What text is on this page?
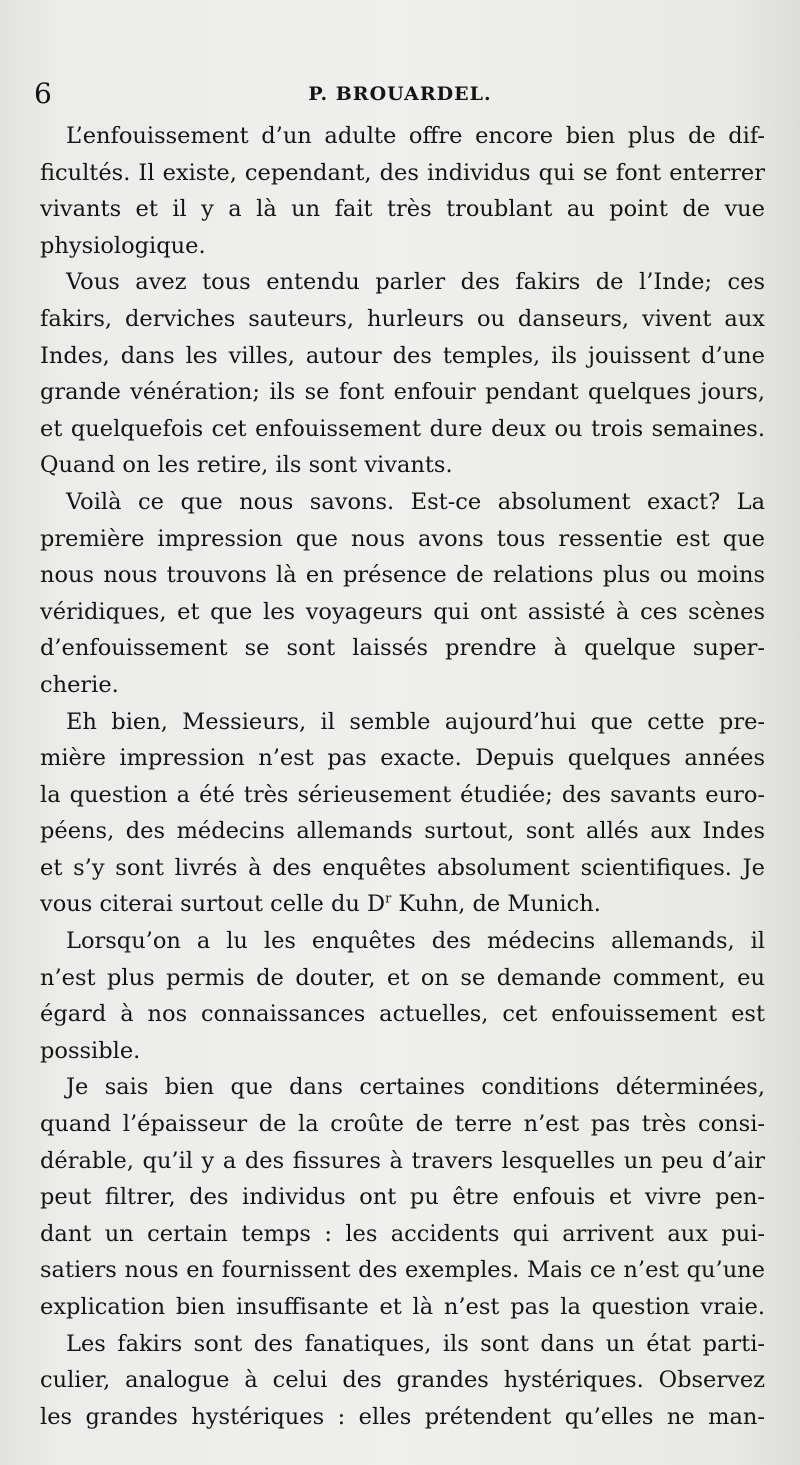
6	P. BROUARDEL.
L’enfouissement d’un adulte offre encore bien plus de dif-
ficultés. Il existe, cependant, des individus qui se font enterrer
vivants et il y a là un fait très troublant au point de vue
physiologique.
Vous avez tous entendu parler des fakirs de l’Inde; ces
fakirs, derviches sauteurs, hurleurs ou danseurs, vivent aux
Indes, dans les villes, autour des temples, ils jouissent d’une
grande vénération; ils se font enfouir pendant quelques jours,
et quelquefois cet enfouissement dure deux ou trois semaines.
Quand on les retire, ils sont vivants.
Voilà ce que nous savons. Est-ce absolument exact? La
première impression que nous avons tous ressentie est que
nous nous trouvons là en présence de relations plus ou moins
véridiques, et que les voyageurs qui ont assisté à ces scènes
d’enfouissement se sont laissés prendre à quelque super-
cherie.
Eh bien, Messieurs, il semble aujourd’hui que cette pre-
mière impression n’est pas exacte. Depuis quelques années
la question a été très sérieusement étudiée; des savants euro-
péens, des médecins allemands surtout, sont allés aux Indes
et s’y sont livrés à des enquêtes absolument scientifiques. Je
vous citerai surtout celle du $D^r$ Kuhn, de Munich.
Lorsqu’on a lu les enquêtes des médecins allemands, il
n’est plus permis de douter, et on se demande comment, eu
égard à nos connaissances actuelles, cet enfouissement est
possible.
Je sais bien que dans certaines conditions déterminées,
quand l’épaisseur de la croûte de terre n’est pas très consi-
dérable, qu’il y a des fissures à travers lesquelles un peu d’air
peut filtrer, des individus ont pu être enfouis et vivre pen-
dant un certain temps : les accidents qui arrivent aux pui-
satiers nous en fournissent des exemples. Mais ce n’est qu’une
explication bien insuffisante et là n’est pas la question vraie.
Les fakirs sont des fanatiques, ils sont dans un état parti-
culier, analogue à celui des grandes hystériques. Observez
les grandes hystériques : elles prétendent qu’elles ne man-
